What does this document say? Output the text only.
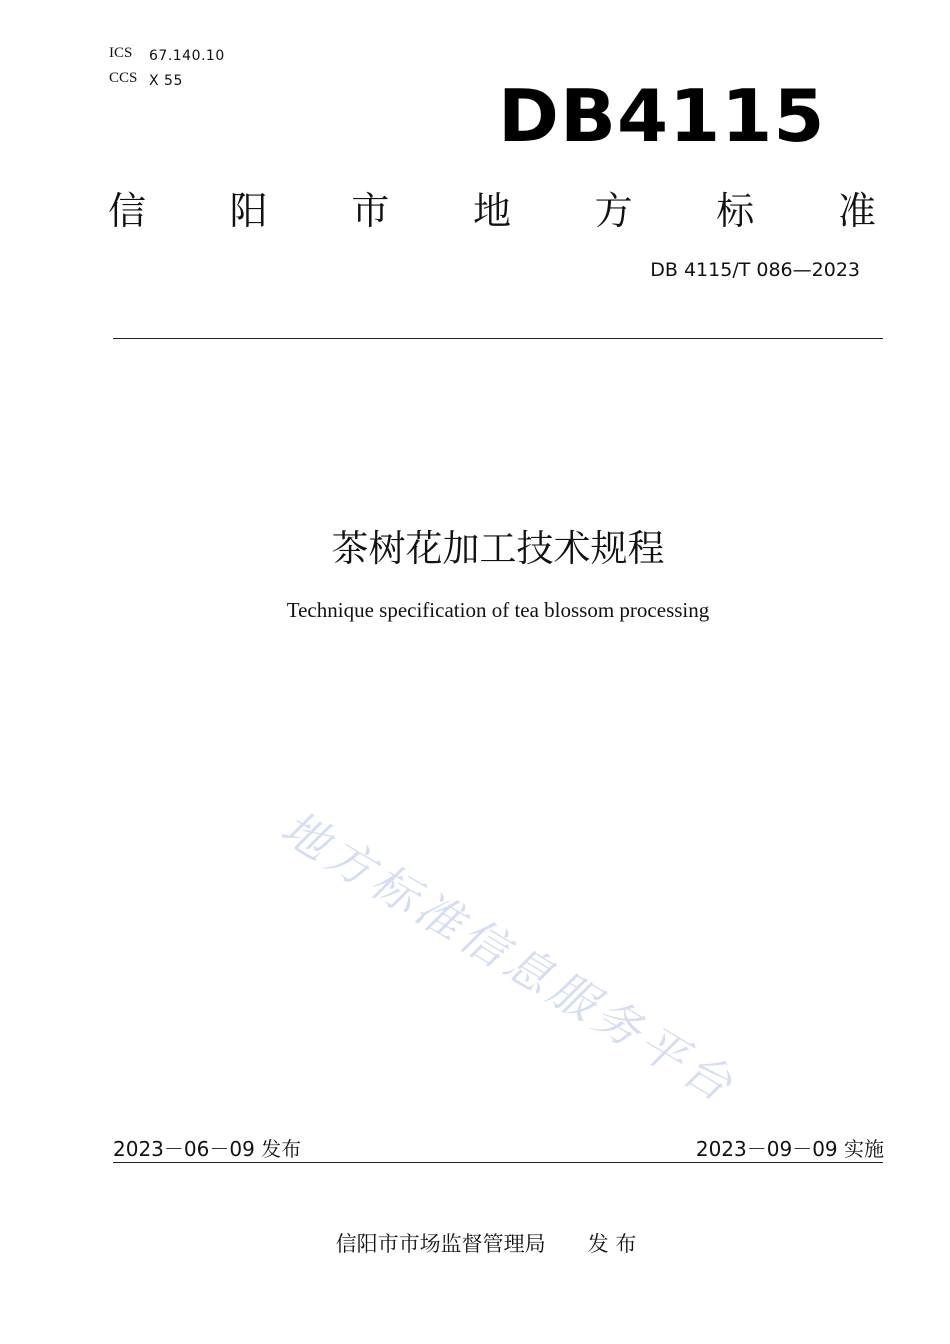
ICS 67.140.10
CCS X 55	DB4115
信 阳 市 地 方 标 准
DB 4115/T 086—2023
茶树花加工技术规程
Technique specification of tea blossom processing
地方标准信息服务平台
2023－06－09 发布	2023－09－09 实施
信阳市市场监督管理局 发 布
